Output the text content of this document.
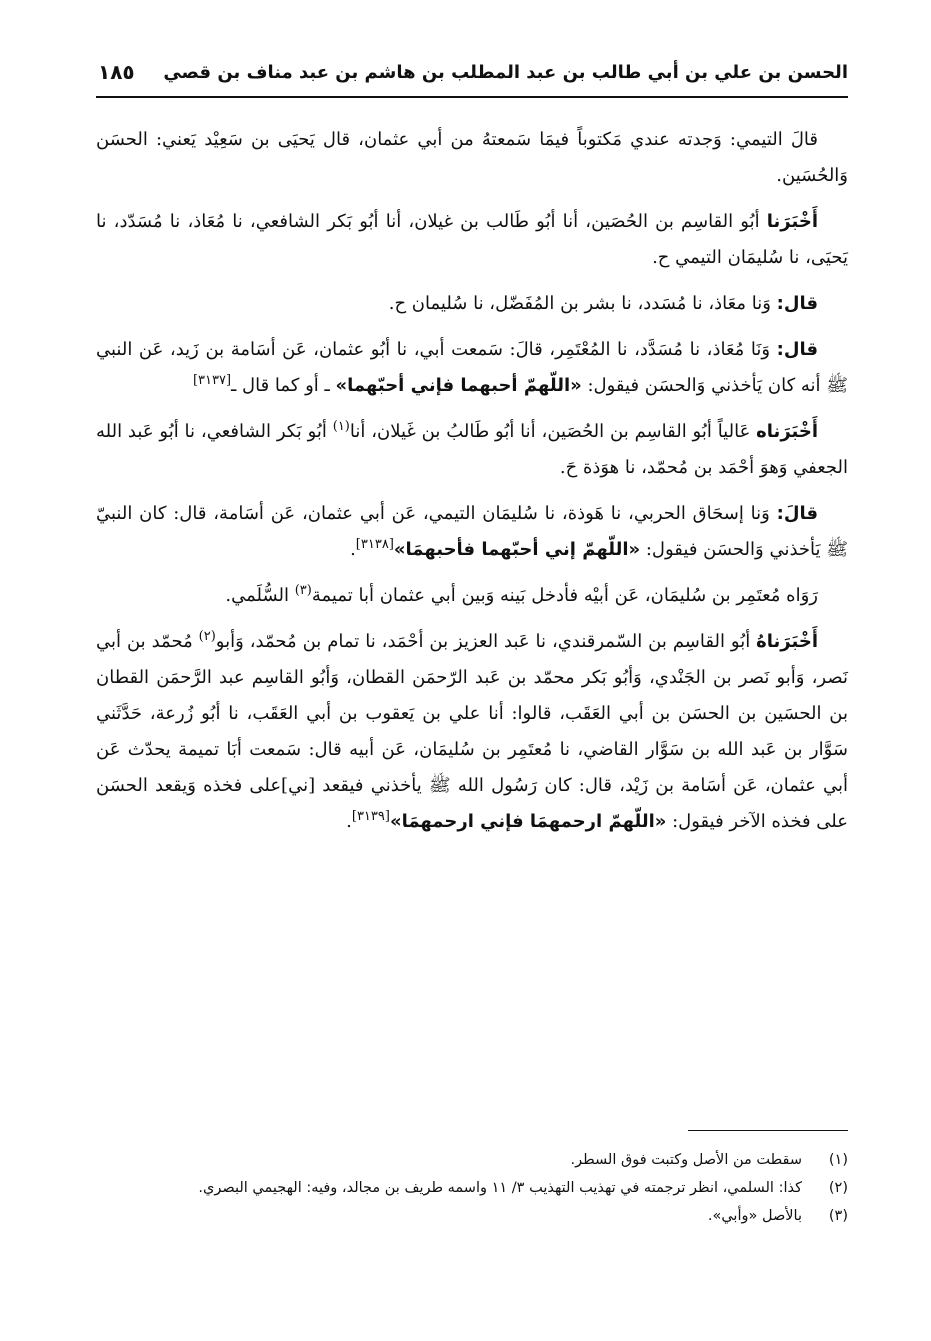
١٨٥ الحسن بن علي بن أبي طالب بن عبد المطلب بن هاشم بن عبد مناف بن قصي

قالَ التيمي: وَجدته عندي مَكتوباً فيمَا سَمعتهُ من أبي عثمان، قال يَحيَى بن سَعِيْد يَعني: الحسَن وَالحُسَين.

أَخْبَرَنا أبُو القاسِم بن الحُصَين، أنا أبُو طَالب بن غيلان، أنا أبُو بَكر الشافعي، نا مُعَاذ، نا مُسَدّد، نا يَحيَى، نا سُليمَان التيمي ح.

قال: وَنا معَاذ، نا مُسَدد، نا بشر بن المُفَضّل، نا سُليمان ح.

قال: وَنَا مُعَاذ، نا مُسَدَّد، نا المُعْتَمِر، قالَ: سَمعت أبي، نا أبُو عثمان، عَن أسَامة بن زَيد، عَن النبي ﷺ أنه كان يَأخذني وَالحسَن فيقول: «اللّهمّ أحبهما فإني أحبّهما» ـ أو كما قال ـ[٣١٣٧]

أَخْبَرَناه عَالياً أبُو القاسِم بن الحُصَين، أنا أبُو طَالبُ بن غَيلان، أنا$^{(١)}$ أبُو بَكر الشافعي، نا أبُو عَبد الله الجعفي وَهوَ أحْمَد بن مُحمّد، نا هوَذة حَ.

قالَ: وَنا إسحَاق الحربي، نا هَوذة، نا سُليمَان التيمي، عَن أبي عثمان، عَن أسَامة، قال: كان النبيّ ﷺ يَأخذني وَالحسَن فيقول: «اللّهمّ إني أحبّهما فأحبهمَا»[٣١٣٨].

رَوَاه مُعتَمِر بن سُليمَان، عَن أبيْه فأدخل بَينه وَبين أبي عثمان أبا تميمة$^{(٣)}$ السُّلَمي.

أَخْبَرَناهُ أبُو القاسِم بن السّمرقندي، نا عَبد العزيز بن أحْمَد، نا تمام بن مُحمّد، وَأبو$^{(٢)}$ مُحمّد بن أبي نَصر، وَأبو نَصر بن الجَنْدي، وَأبُو بَكر محمّد بن عَبد الرّحمَن القطان، وَأبُو القاسِم عبد الرَّحمَن القطان بن الحسَين بن الحسَن بن أبي العَقَب، قالوا: أنا علي بن يَعقوب بن أبي العَقَب، نا أبُو زُرعة، حَدَّثَني سَوَّار بن عَبد الله بن سَوَّار القاضي، نا مُعتَمِر بن سُليمَان، عَن أبيه قال: سَمعت أبَا تميمة يحدّث عَن أبي عثمان، عَن أسَامة بن زَيْد، قال: كان رَسُول الله ﷺ يأخذني فيقعد [ني]على فخذه وَيقعد الحسَن على فخذه الآخر فيقول: «اللّهمّ ارحمهمَا فإني ارحمهمَا»[٣١٣٩].

(١)
سقطت من الأصل وكتبت فوق السطر.
(٢)
كذا: السلمي، انظر ترجمته في تهذيب التهذيب ٣/ ١١ واسمه طريف بن مجالد، وفيه: الهجيمي البصري.
(٣)
بالأصل «وأبي».
